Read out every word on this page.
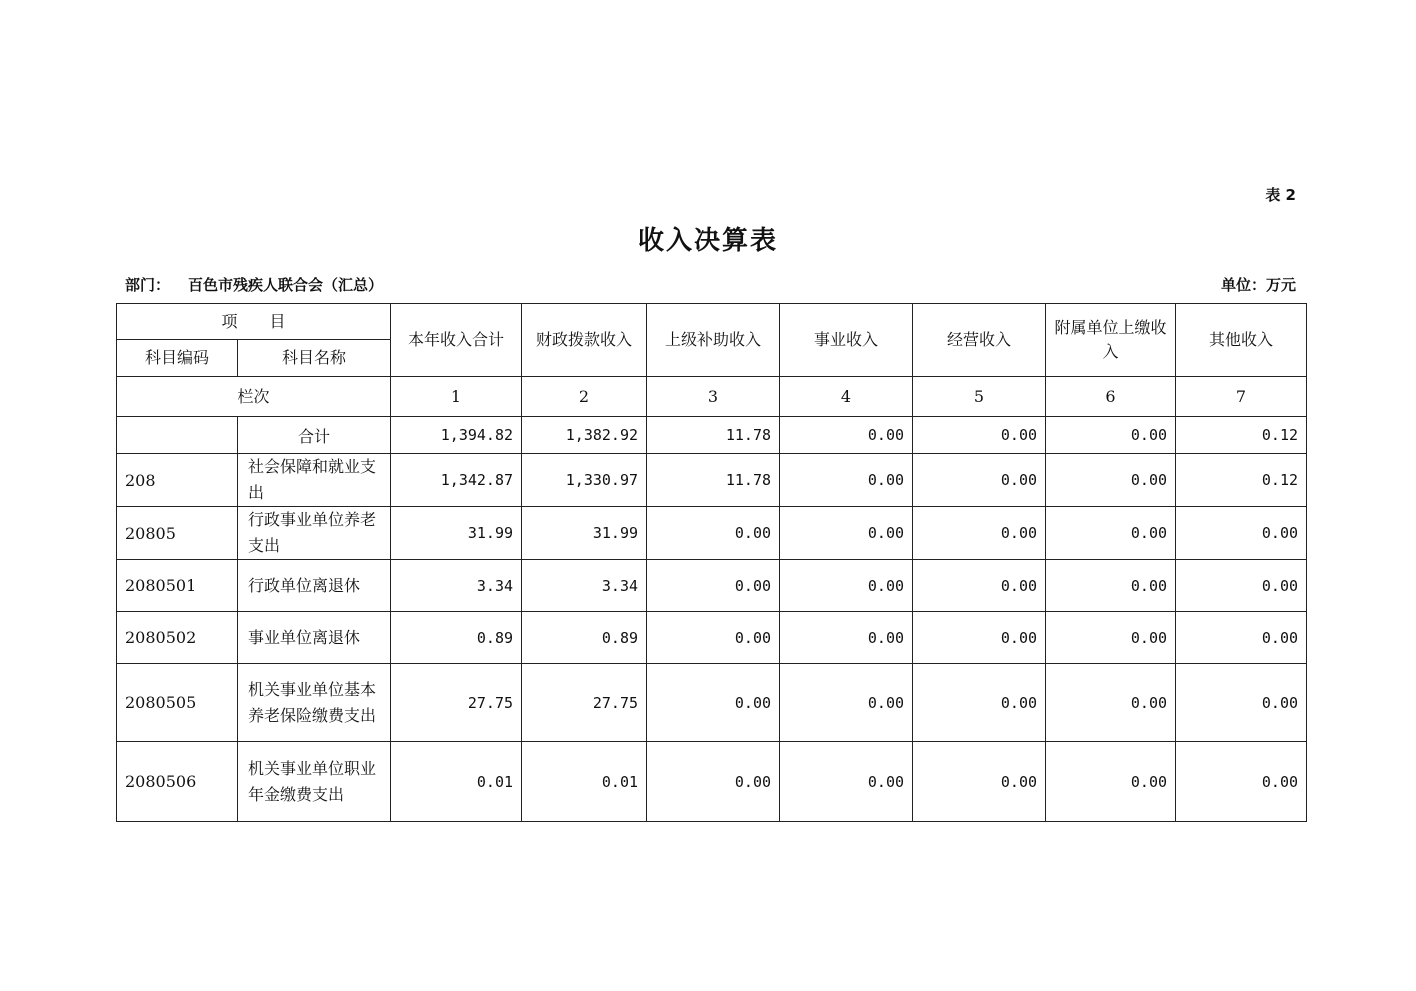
表 2
收入决算表
部门： 百色市残疾人联合会（汇总）	单位：万元
项　　目		本年收入合计	财政拨款收入	上级补助收入	事业收入	经营收入	附属单位上缴收入	其他收入
科目编码	科目名称							
栏次		1	2	3	4	5	6	7
	合计	1,394.82	1,382.92	11.78	0.00	0.00	0.00	0.12
208	社会保障和就业支出	1,342.87	1,330.97	11.78	0.00	0.00	0.00	0.12
20805	行政事业单位养老支出	31.99	31.99	0.00	0.00	0.00	0.00	0.00
2080501	行政单位离退休	3.34	3.34	0.00	0.00	0.00	0.00	0.00
2080502	事业单位离退休	0.89	0.89	0.00	0.00	0.00	0.00	0.00
2080505	机关事业单位基本养老保险缴费支出	27.75	27.75	0.00	0.00	0.00	0.00	0.00
2080506	机关事业单位职业年金缴费支出	0.01	0.01	0.00	0.00	0.00	0.00	0.00
